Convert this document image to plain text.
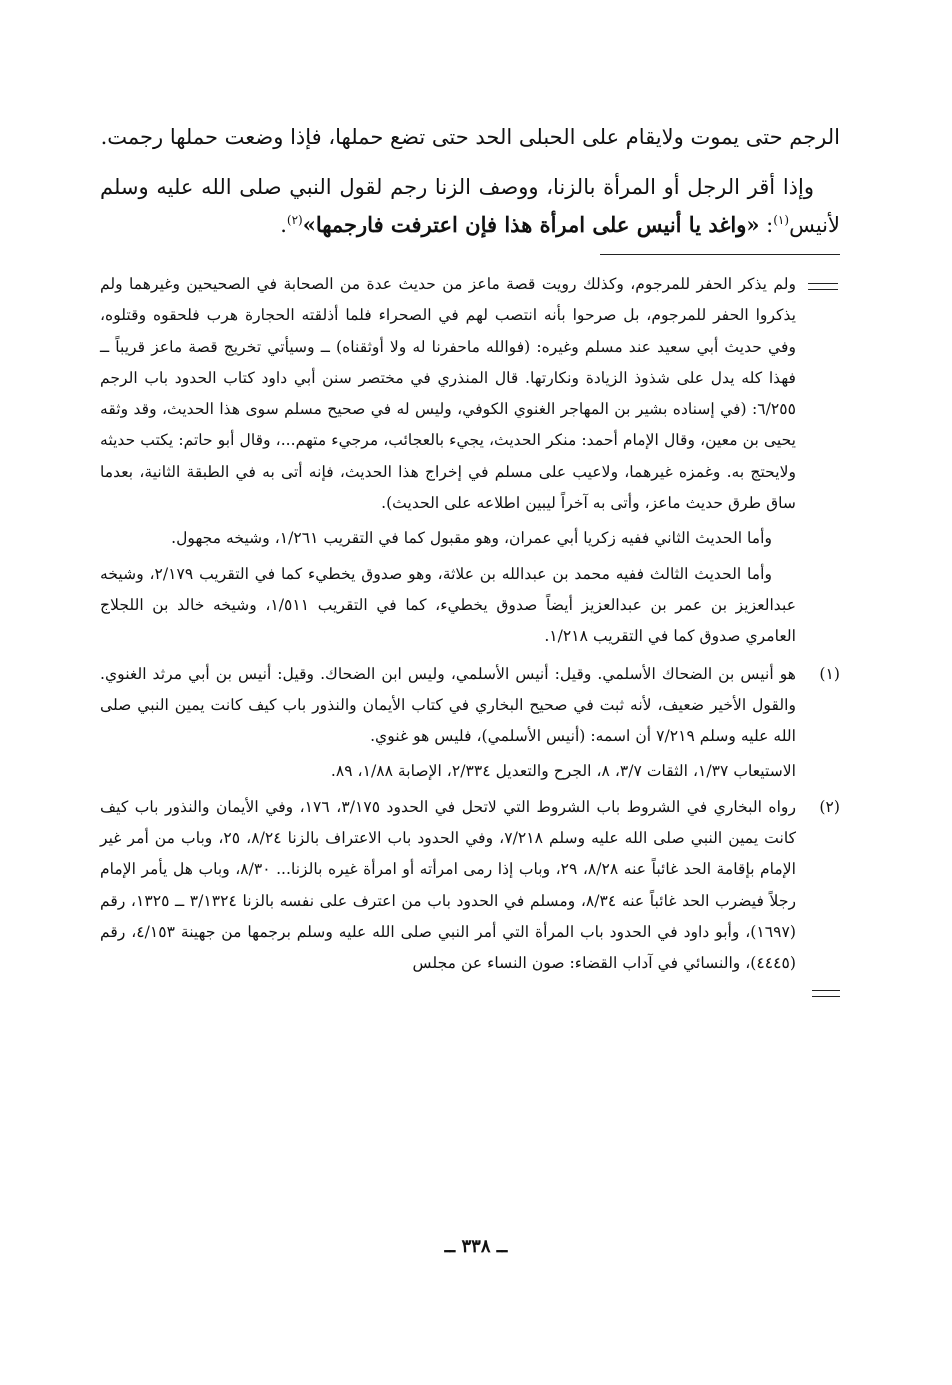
الرجم حتى يموت ولايقام على الحبلى الحد حتى تضع حملها، فإذا وضعت حملها رجمت.

وإذا أقر الرجل أو المرأة بالزنا، ووصف الزنا رجم لقول النبي صلى الله عليه وسلم لأنيس$^{(١)}$: «واغد يا أنيس على امرأة هذا فإن اعترفت فارجمها»$^{(٢)}$.

ولم يذكر الحفر للمرجوم، وكذلك رويت قصة ماعز من حديث عدة من الصحابة في الصحيحين وغيرهما ولم يذكروا الحفر للمرجوم، بل صرحوا بأنه انتصب لهم في الصحراء فلما أذلقته الحجارة هرب فلحقوه وقتلوه، وفي حديث أبي سعيد عند مسلم وغيره: (فوالله ماحفرنا له ولا أوثقناه) ــ وسيأتي تخريج قصة ماعز قريباً ــ فهذا كله يدل على شذوذ الزيادة ونكارتها. قال المنذري في مختصر سنن أبي داود كتاب الحدود باب الرجم ٦/٢٥٥: (في إسناده بشير بن المهاجر الغنوي الكوفي، وليس له في صحيح مسلم سوى هذا الحديث، وقد وثقه يحيى بن معين، وقال الإمام أحمد: منكر الحديث، يجيء بالعجائب، مرجيء متهم...، وقال أبو حاتم: يكتب حديثه ولايحتج به. وغمزه غيرهما، ولاعيب على مسلم في إخراج هذا الحديث، فإنه أتى به في الطبقة الثانية، بعدما ساق طرق حديث ماعز، وأتى به آخراً ليبين اطلاعه على الحديث).

وأما الحديث الثاني ففيه زكريا أبي عمران، وهو مقبول كما في التقريب ١/٢٦١، وشيخه مجهول.

وأما الحديث الثالث ففيه محمد بن عبدالله بن علاثة، وهو صدوق يخطيء كما في التقريب ٢/١٧٩، وشيخه عبدالعزيز بن عمر بن عبدالعزيز أيضاً صدوق يخطيء، كما في التقريب ١/٥١١، وشيخه خالد بن اللجلاج العامري صدوق كما في التقريب ١/٢١٨.

(١)

هو أنيس بن الضحاك الأسلمي. وقيل: أنيس الأسلمي، وليس ابن الضحاك. وقيل: أنيس بن أبي مرثد الغنوي. والقول الأخير ضعيف، لأنه ثبت في صحيح البخاري في كتاب الأيمان والنذور باب كيف كانت يمين النبي صلى الله عليه وسلم ٧/٢١٩ أن اسمه: (أنيس الأسلمي)، فليس هو غنوي.

الاستيعاب ١/٣٧، الثقات ٣/٧، ٨، الجرح والتعديل ٢/٣٣٤، الإصابة ١/٨٨، ٨٩.

(٢)

رواه البخاري في الشروط باب الشروط التي لاتحل في الحدود ٣/١٧٥، ١٧٦، وفي الأيمان والنذور باب كيف كانت يمين النبي صلى الله عليه وسلم ٧/٢١٨، وفي الحدود باب الاعتراف بالزنا ٨/٢٤، ٢٥، وباب من أمر غير الإمام بإقامة الحد غائباً عنه ٨/٢٨، ٢٩، وباب إذا رمى امرأته أو امرأة غيره بالزنا... ٨/٣٠، وباب هل يأمر الإمام رجلاً فيضرب الحد غائباً عنه ٨/٣٤، ومسلم في الحدود باب من اعترف على نفسه بالزنا ٣/١٣٢٤ ــ ١٣٢٥، رقم (١٦٩٧)، وأبو داود في الحدود باب المرأة التي أمر النبي صلى الله عليه وسلم برجمها من جهينة ٤/١٥٣، رقم (٤٤٤٥)، والنسائي في آداب القضاء: صون النساء عن مجلس

ــ ٣٣٨ ــ
